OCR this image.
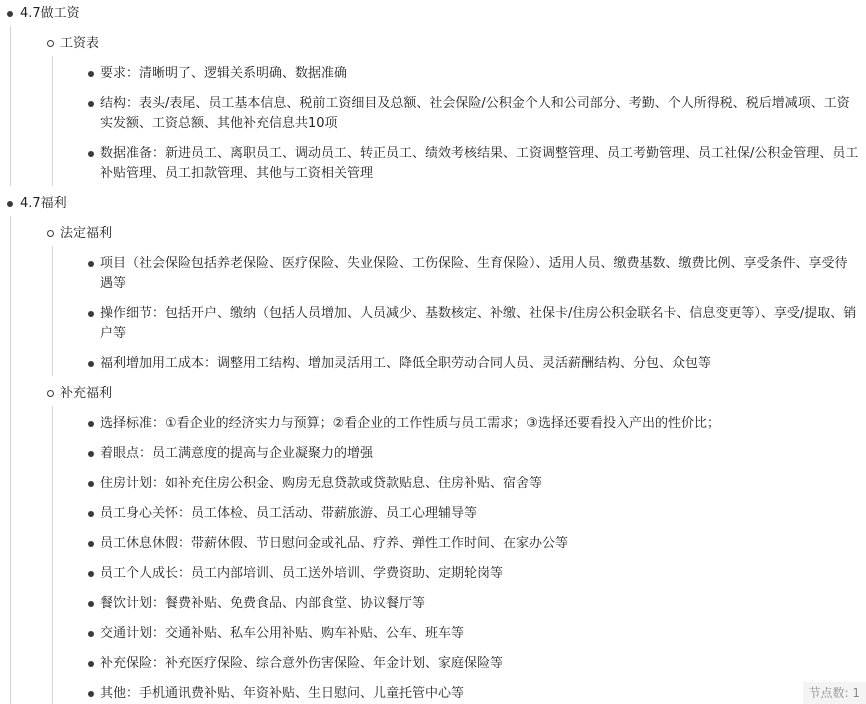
4.7做工资
工资表
要求：清晰明了、逻辑关系明确、数据准确
结构：表头/表尾、员工基本信息、税前工资细目及总额、社会保险/公积金个人和公司部分、考勤、个人所得税、税后增减项、工资实发额、工资总额、其他补充信息共10项
数据准备：新进员工、离职员工、调动员工、转正员工、绩效考核结果、工资调整管理、员工考勤管理、员工社保/公积金管理、员工补贴管理、员工扣款管理、其他与工资相关管理
4.7福利
法定福利
项目（社会保险包括养老保险、医疗保险、失业保险、工伤保险、生育保险）、适用人员、缴费基数、缴费比例、享受条件、享受待遇等
操作细节：包括开户、缴纳（包括人员增加、人员减少、基数核定、补缴、社保卡/住房公积金联名卡、信息变更等）、享受/提取、销户等
福利增加用工成本：调整用工结构、增加灵活用工、降低全职劳动合同人员、灵活薪酬结构、分包、众包等
补充福利
选择标准：①看企业的经济实力与预算；②看企业的工作性质与员工需求；③选择还要看投入产出的性价比；
着眼点：员工满意度的提高与企业凝聚力的增强
住房计划：如补充住房公积金、购房无息贷款或贷款贴息、住房补贴、宿舍等
员工身心关怀：员工体检、员工活动、带薪旅游、员工心理辅导等
员工休息休假：带薪休假、节日慰问金或礼品、疗养、弹性工作时间、在家办公等
员工个人成长：员工内部培训、员工送外培训、学费资助、定期轮岗等
餐饮计划：餐费补贴、免费食品、内部食堂、协议餐厅等
交通计划：交通补贴、私车公用补贴、购车补贴、公车、班车等
补充保险：补充医疗保险、综合意外伤害保险、年金计划、家庭保险等
其他：手机通讯费补贴、年资补贴、生日慰问、儿童托管中心等	节点数: 1
